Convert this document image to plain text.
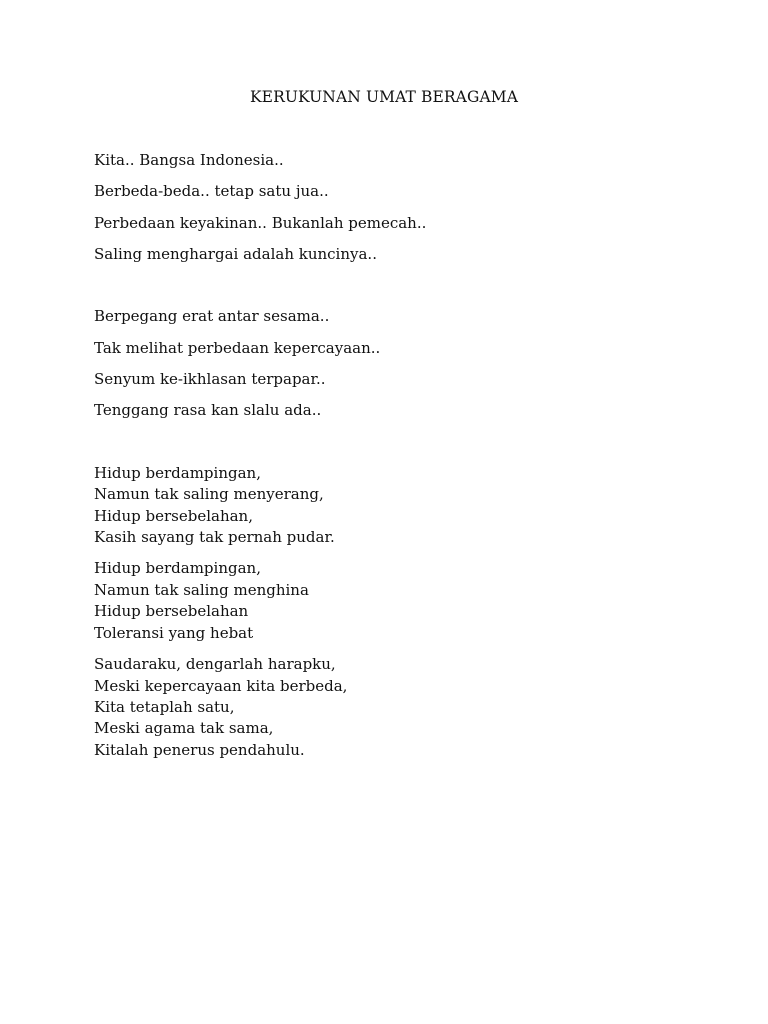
KERUKUNAN UMAT BERAGAMA
Kita.. Bangsa Indonesia..
Berbeda-beda.. tetap satu jua..
Perbedaan keyakinan.. Bukanlah pemecah..
Saling menghargai adalah kuncinya..
Berpegang erat antar sesama..
Tak melihat perbedaan kepercayaan..
Senyum ke-ikhlasan terpapar..
Tenggang rasa kan slalu ada..
Hidup berdampingan,
Namun tak saling menyerang,
Hidup bersebelahan,
Kasih sayang tak pernah pudar.
Hidup berdampingan,
Namun tak saling menghina
Hidup bersebelahan
Toleransi yang hebat
Saudaraku, dengarlah harapku,
Meski kepercayaan kita berbeda,
Kita tetaplah satu,
Meski agama tak sama,
Kitalah penerus pendahulu.
